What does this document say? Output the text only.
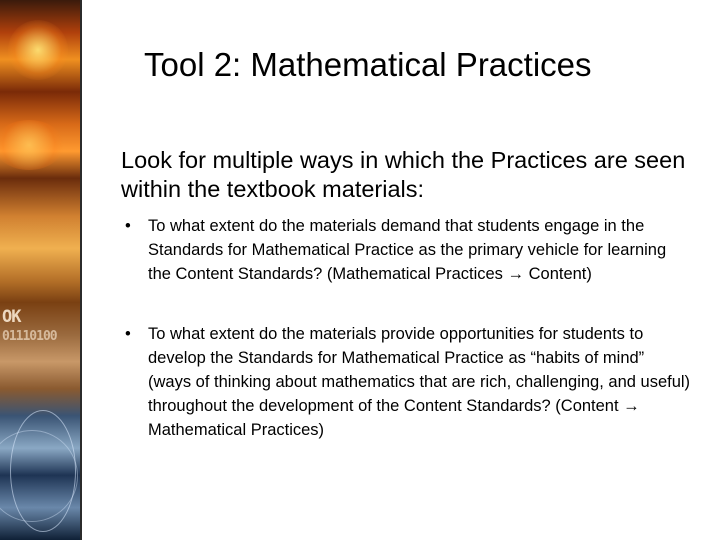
OK
01110100
Tool 2: Mathematical Practices

Look for multiple ways in which the Practices are seen within the textbook materials:

• To what extent do the materials demand that students engage in the Standards for Mathematical Practice as the primary vehicle for learning the Content Standards? (Mathematical Practices → Content)
• To what extent do the materials provide opportunities for students to develop the Standards for Mathematical Practice as “habits of mind” (ways of thinking about mathematics that are rich, challenging, and useful) throughout the development of the Content Standards? (Content → Mathematical Practices)
